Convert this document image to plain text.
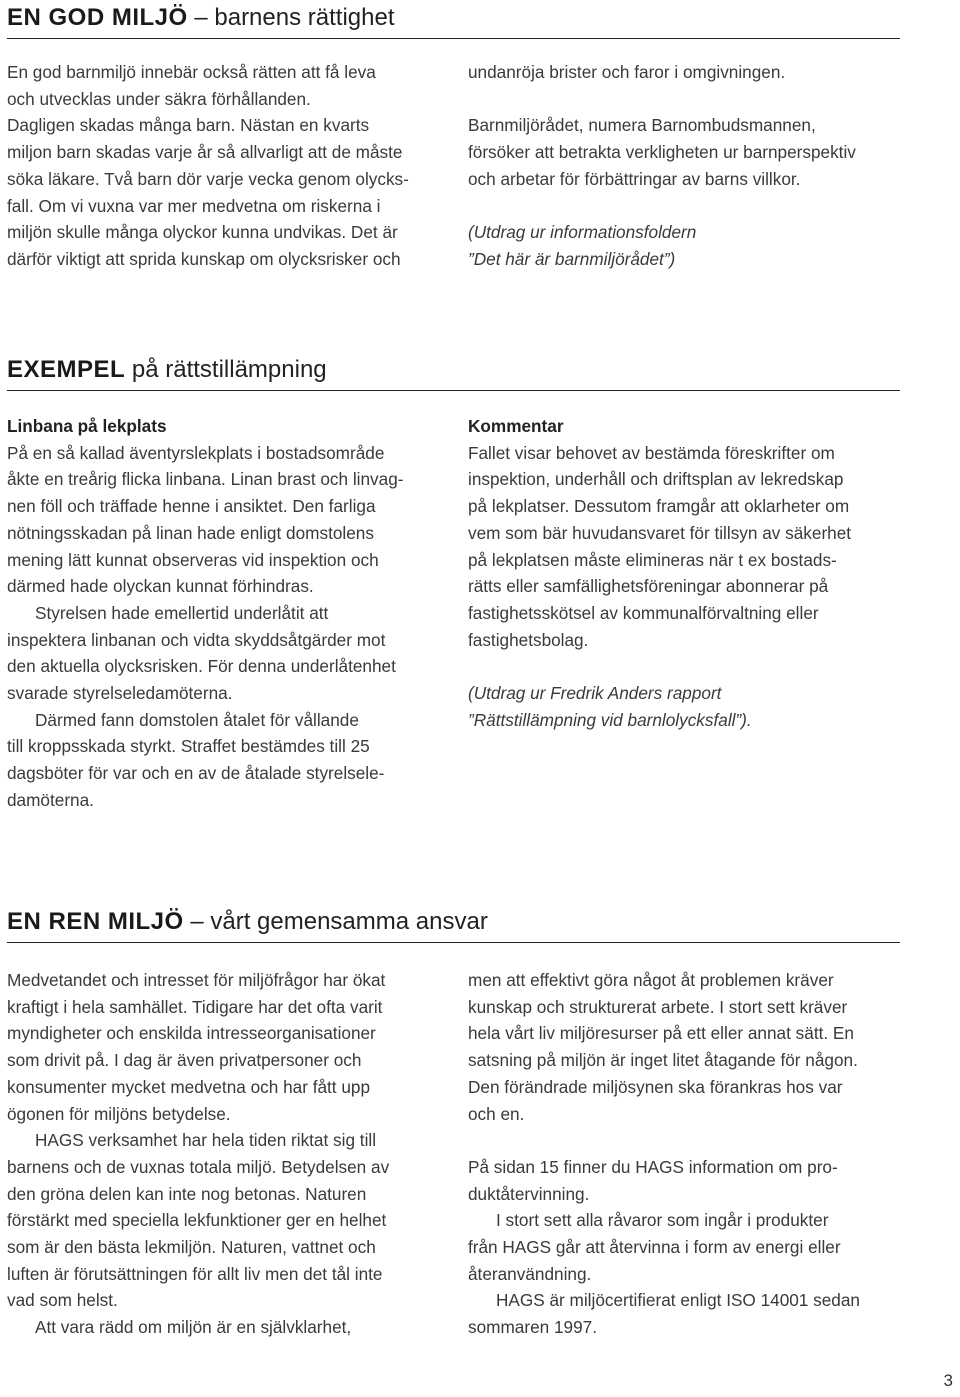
EN GOD MILJÖ – barnens rättighet
En god barnmiljö innebär också rätten att få leva
och utvecklas under säkra förhållanden.
Dagligen skadas många barn. Nästan en kvarts
miljon barn skadas varje år så allvarligt att de måste
söka läkare. Två barn dör varje vecka genom olycks-
fall. Om vi vuxna var mer medvetna om riskerna i
miljön skulle många olyckor kunna undvikas. Det är
därför viktigt att sprida kunskap om olycksrisker och

undanröja brister och faror i omgivningen.

Barnmiljörådet, numera Barnombudsmannen,
försöker att betrakta verkligheten ur barnperspektiv
och arbetar för förbättringar av barns villkor.
(Utdrag ur informationsfoldern
”Det här är barnmiljörådet”)
EXEMPEL på rättstillämpning

Linbana på lekplats

På en så kallad äventyrslekplats i bostadsområde
åkte en treårig flicka linbana. Linan brast och linvag-
nen föll och träffade henne i ansiktet. Den farliga
nötningsskadan på linan hade enligt domstolens
mening lätt kunnat observeras vid inspektion och
därmed hade olyckan kunnat förhindras.
Styrelsen hade emellertid underlåtit att
inspektera linbanan och vidta skyddsåtgärder mot
den aktuella olycksrisken. För denna underlåtenhet
svarade styrelseledamöterna.
Därmed fann domstolen åtalet för vållande
till kroppsskada styrkt. Straffet bestämdes till 25
dagsböter för var och en av de åtalade styrelsele-
damöterna.

Kommentar

Fallet visar behovet av bestämda föreskrifter om
inspektion, underhåll och driftsplan av lekredskap
på lekplatser. Dessutom framgår att oklarheter om
vem som bär huvudansvaret för tillsyn av säkerhet
på lekplatsen måste elimineras när t ex bostads-
rätts eller samfällighetsföreningar abonnerar på
fastighetsskötsel av kommunalförvaltning eller
fastighetsbolag.
(Utdrag ur Fredrik Anders rapport
”Rättstillämpning vid barnlolycksfall”).
EN REN MILJÖ – vårt gemensamma ansvar
Medvetandet och intresset för miljöfrågor har ökat
kraftigt i hela samhället. Tidigare har det ofta varit
myndigheter och enskilda intresseorganisationer
som drivit på. I dag är även privatpersoner och
konsumenter mycket medvetna och har fått upp
ögonen för miljöns betydelse.
HAGS verksamhet har hela tiden riktat sig till
barnens och de vuxnas totala miljö. Betydelsen av
den gröna delen kan inte nog betonas. Naturen
förstärkt med speciella lekfunktioner ger en helhet
som är den bästa lekmiljön. Naturen, vattnet och
luften är förutsättningen för allt liv men det tål inte
vad som helst.
Att vara rädd om miljön är en självklarhet,
men att effektivt göra något åt problemen kräver
kunskap och strukturerat arbete. I stort sett kräver
hela vårt liv miljöresurser på ett eller annat sätt. En
satsning på miljön är inget litet åtagande för någon.
Den förändrade miljösynen ska förankras hos var
och en.
På sidan 15 finner du HAGS information om pro-
duktåtervinning.
I stort sett alla råvaror som ingår i produkter
från HAGS går att återvinna i form av energi eller
återanvändning.
HAGS är miljöcertifierat enligt ISO 14001 sedan
sommaren 1997.
3
